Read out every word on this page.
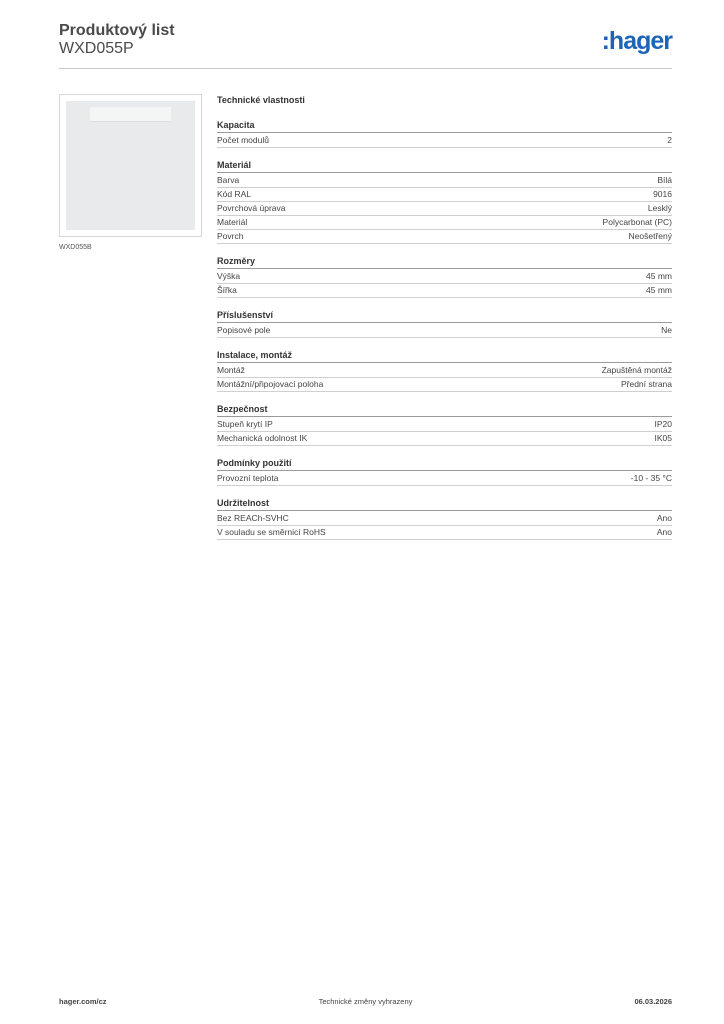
Produktový list
WXD055P	:hager
WXD055B
Technické vlastnosti
Kapacita
Počet modulů	2
Materiál
Barva	Bílá
Kód RAL	9016
Povrchová úprava	Lesklý
Materiál	Polycarbonat (PC)
Povrch	Neošetřený
Rozměry
Výška	45 mm
Šířka	45 mm
Příslušenství
Popisové pole	Ne
Instalace, montáž
Montáž	Zapuštěná montáž
Montážní/připojovací poloha	Přední strana
Bezpečnost
Stupeň krytí IP	IP20
Mechanická odolnost IK	IK05
Podmínky použití
Provozní teplota	-10 - 35 °C
Udržitelnost
Bez REACh-SVHC	Ano
V souladu se směrnicí RoHS	Ano
hager.com/cz	Technické změny vyhrazeny	06.03.2026
